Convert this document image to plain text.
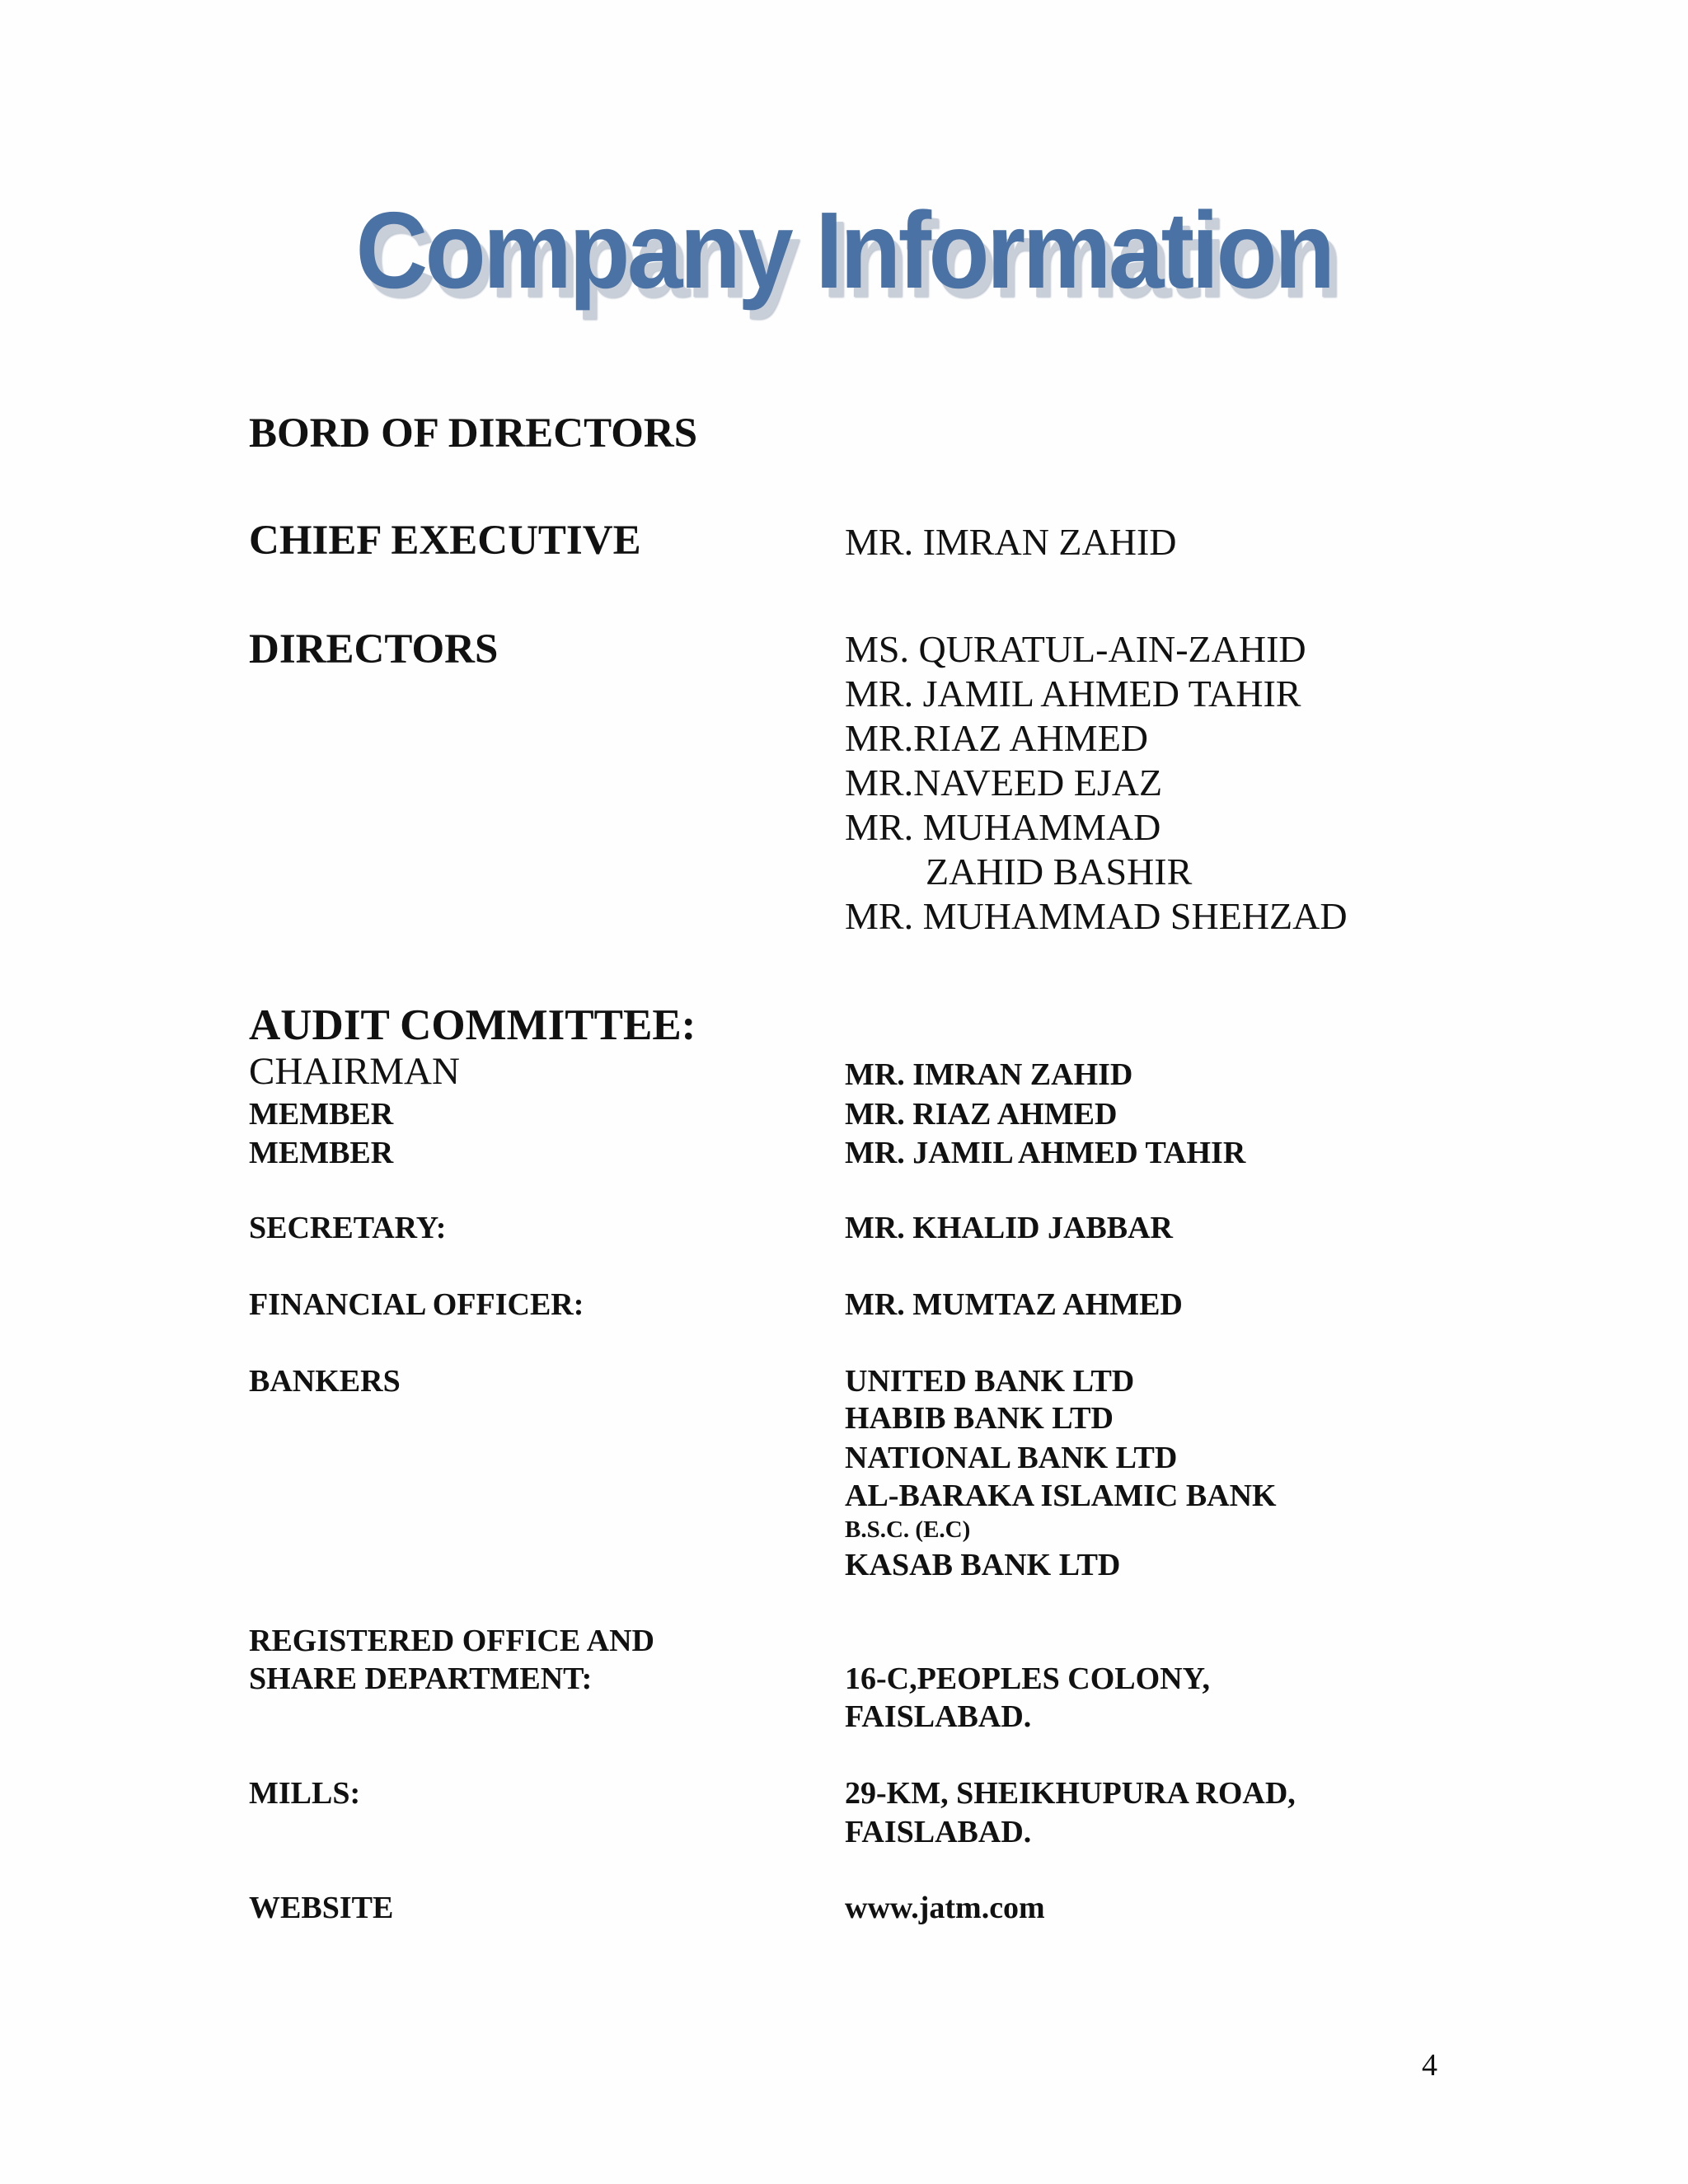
Company Information
BORD OF DIRECTORS
CHIEF EXECUTIVE	MR. IMRAN ZAHID
DIRECTORS	MS. QURATUL-AIN-ZAHID
MR. JAMIL AHMED TAHIR
MR.RIAZ AHMED
MR.NAVEED EJAZ
MR. MUHAMMAD
ZAHID BASHIR
MR. MUHAMMAD SHEHZAD
AUDIT COMMITTEE:
CHAIRMAN	MR. IMRAN ZAHID
MEMBER	MR. RIAZ AHMED
MEMBER	MR. JAMIL AHMED TAHIR
SECRETARY:	MR. KHALID JABBAR
FINANCIAL OFFICER:	MR. MUMTAZ AHMED
BANKERS	UNITED BANK LTD
HABIB BANK LTD
NATIONAL BANK LTD
AL-BARAKA ISLAMIC BANK
B.S.C. (E.C)
KASAB BANK LTD
REGISTERED OFFICE AND
SHARE DEPARTMENT:	16-C,PEOPLES COLONY,
FAISLABAD.
MILLS:	29-KM, SHEIKHUPURA ROAD,
FAISLABAD.
WEBSITE	www.jatm.com
4
